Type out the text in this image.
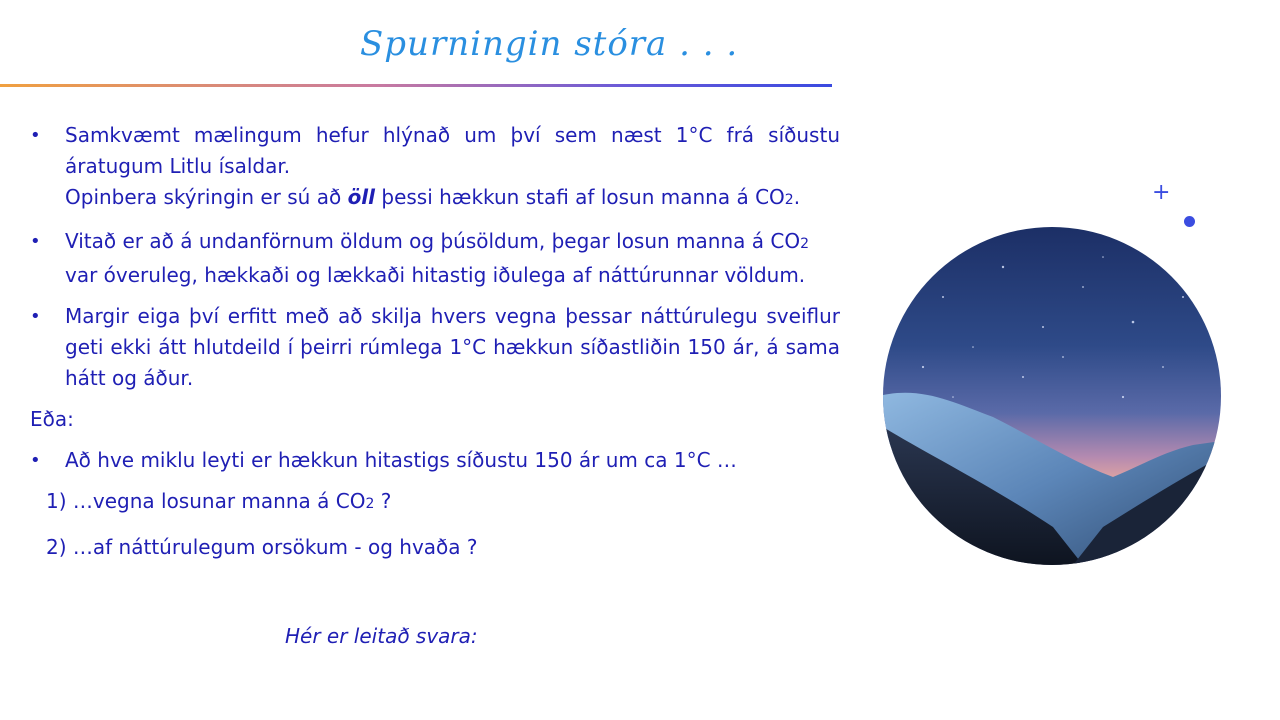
Spurningin stóra . . .
• Samkvæmt mælingum hefur hlýnað um því sem næst 1°C frá síðustu
áratugum Litlu ísaldar.
Opinbera skýringin er sú að öll þessi hækkun stafi af losun manna á CO2.
• Vitað er að á undanförnum öldum og þúsöldum, þegar losun manna á CO2
var óveruleg, hækkaði og lækkaði hitastig iðulega af náttúrunnar völdum.
• Margir eiga því erfitt með að skilja hvers vegna þessar náttúrulegu sveiflur
geti ekki átt hlutdeild í þeirri rúmlega 1°C hækkun síðastliðin 150 ár, á sama
hátt og áður.
Eða:
• Að hve miklu leyti er hækkun hitastigs síðustu 150 ár um ca 1°C …
1) …vegna losunar manna á CO2 ?
2) …af náttúrulegum orsökum - og hvaða ?
Hér er leitað svara:
+
